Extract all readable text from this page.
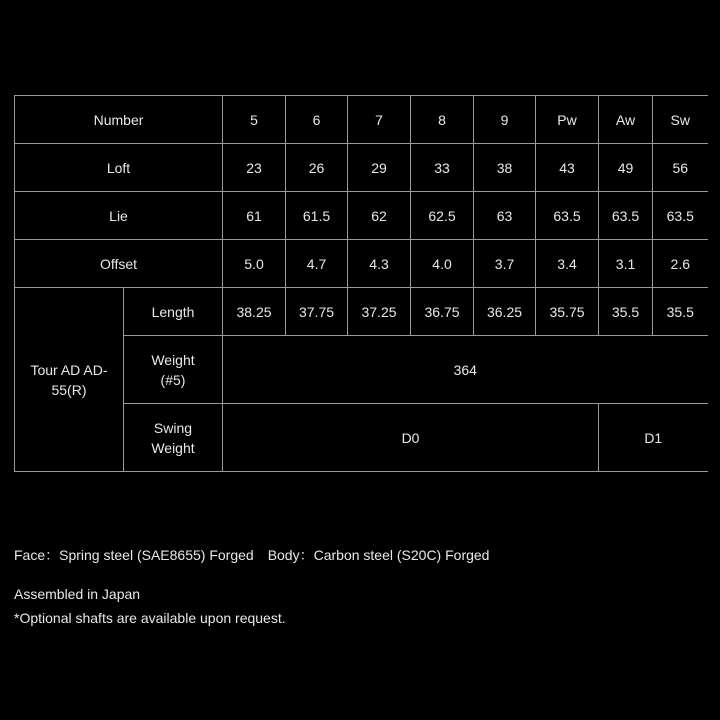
Number		5	6	7	8	9	Pw	Aw	Sw
Loft		23	26	29	33	38	43	49	56
Lie		61	61.5	62	62.5	63	63.5	63.5	63.5
Offset		5.0	4.7	4.3	4.0	3.7	3.4	3.1	2.6
Tour AD AD-55(R)	Length	38.25	37.75	37.25	36.75	36.25	35.75	35.5	35.5
	Weight (#5)	364							
	Swing Weight	D0						D1	
Face：Spring steel (SAE8655) Forged Body：Carbon steel (S20C) Forged
Assembled in Japan
*Optional shafts are available upon request.
